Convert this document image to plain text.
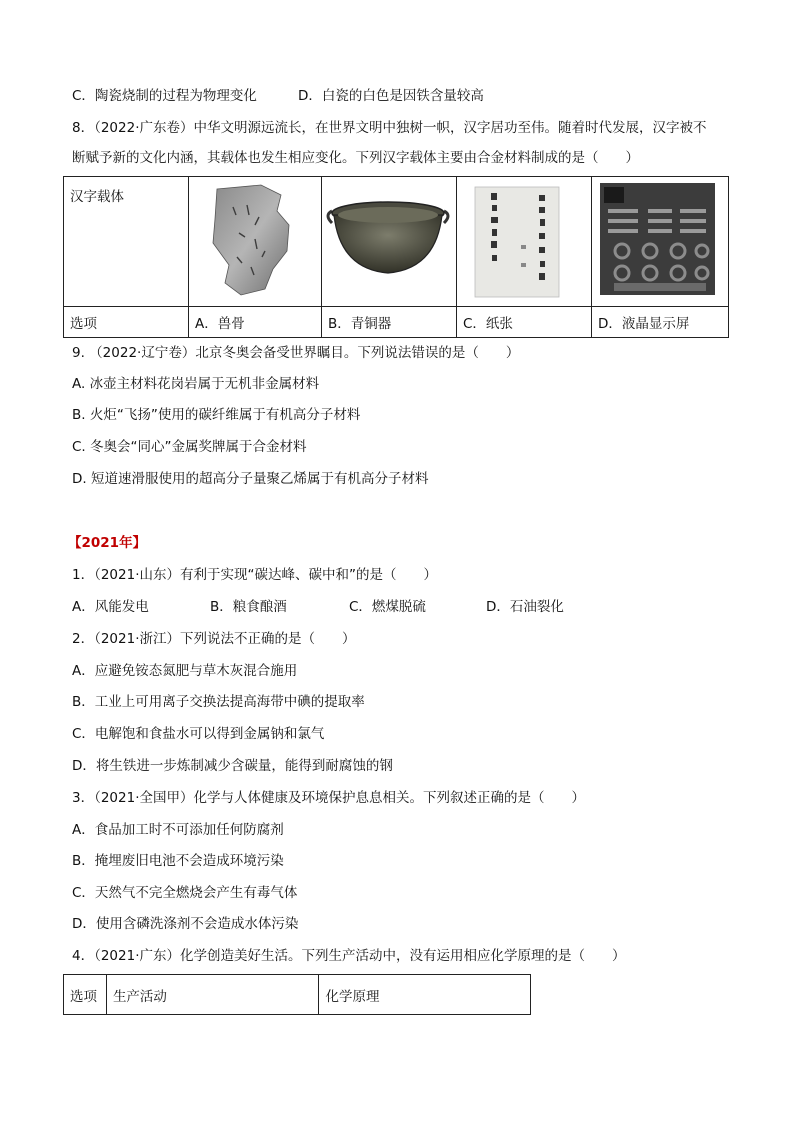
C．陶瓷烧制的过程为物理变化	D．白瓷的白色是因铁含量较高
8．（2022·广东卷）中华文明源远流长，在世界文明中独树一帜，汉字居功至伟。随着时代发展，汉字被不
断赋予新的文化内涵，其载体也发生相应变化。下列汉字载体主要由合金材料制成的是（　　）
汉字载体

选项	A．兽骨	B．青铜器	C．纸张	D．液晶显示屏
9. （2022·辽宁卷）北京冬奥会备受世界瞩目。下列说法错误的是（　　）
A. 冰壶主材料花岗岩属于无机非金属材料
B. 火炬“飞扬”使用的碳纤维属于有机高分子材料
C. 冬奥会“同心”金属奖牌属于合金材料
D. 短道速滑服使用的超高分子量聚乙烯属于有机高分子材料
【2021年】
1．（2021·山东）有利于实现“碳达峰、碳中和”的是（　　）
A．风能发电	B．粮食酿酒	C．燃煤脱硫	D．石油裂化
2．（2021·浙江）下列说法不正确的是（　　）
A．应避免铵态氮肥与草木灰混合施用
B．工业上可用离子交换法提高海带中碘的提取率
C．电解饱和食盐水可以得到金属钠和氯气
D．将生铁进一步炼制减少含碳量，能得到耐腐蚀的钢
3．（2021·全国甲）化学与人体健康及环境保护息息相关。下列叙述正确的是（　　）
A．食品加工时不可添加任何防腐剂
B．掩埋废旧电池不会造成环境污染
C．天然气不完全燃烧会产生有毒气体
D．使用含磷洗涤剂不会造成水体污染
4．（2021·广东）化学创造美好生活。下列生产活动中，没有运用相应化学原理的是（　　）
选项	生产活动	化学原理
